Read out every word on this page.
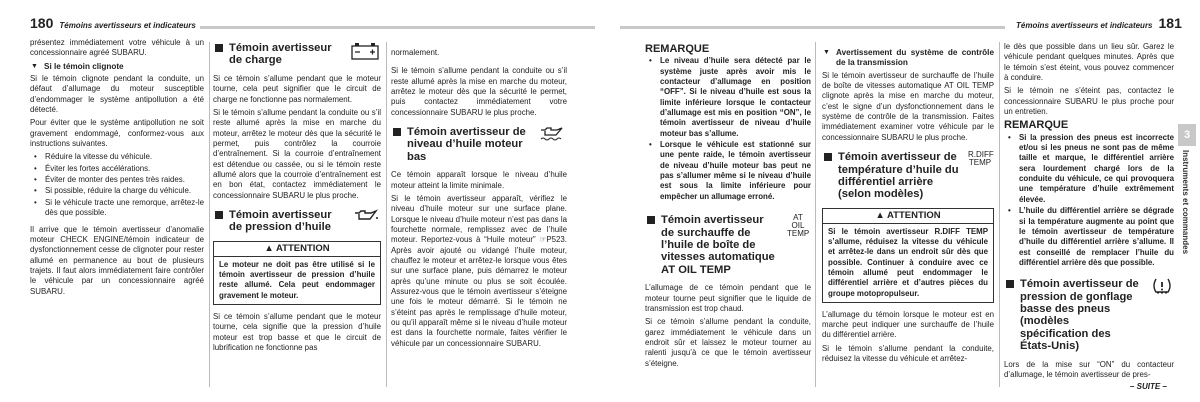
180 Témoins avertisseurs et indicateurs	Témoins avertisseurs et indicateurs 181

présentez immédiatement votre véhicule à un concessionnaire agréé SUBARU.

▼ Si le témoin clignote

Si le témoin clignote pendant la conduite, un défaut d’allumage du moteur susceptible d’endommager le système antipollution a été détecté.

Pour éviter que le système antipollution ne soit gravement endommagé, conformez-vous aux instructions suivantes.

• Réduire la vitesse du véhicule.
• Éviter les fortes accélérations.
• Éviter de monter des pentes très raides.
• Si possible, réduire la charge du véhicule.
• Si le véhicule tracte une remorque, arrêtez-le dès que possible.

Il arrive que le témoin avertisseur d’anomalie moteur CHECK ENGINE/témoin indicateur de dysfonctionnement cesse de clignoter pour rester allumé en permanence au bout de plusieurs trajets. Il faut alors immédiatement faire contrôler le véhicule par un concessionnaire agréé SUBARU.

Témoin avertisseur de charge

Si ce témoin s’allume pendant que le moteur tourne, cela peut signifier que le circuit de charge ne fonctionne pas normalement.

Si le témoin s’allume pendant la conduite ou s’il reste allumé après la mise en marche du moteur, arrêtez le moteur dès que la sécurité le permet, puis contrôlez la courroie d’entraînement. Si la courroie d’entraînement est détendue ou cassée, ou si le témoin reste allumé alors que la courroie d’entraînement est en bon état, contactez immédiatement le concessionnaire SUBARU le plus proche.

Témoin avertisseur de pression d’huile
▲ ATTENTION
Le moteur ne doit pas être utilisé si le témoin avertisseur de pression d’huile reste allumé. Cela peut endommager gravement le moteur.

Si ce témoin s’allume pendant que le moteur tourne, cela signifie que la pression d’huile moteur est trop basse et que le circuit de lubrification ne fonctionne pas

normalement.

Si le témoin s’allume pendant la conduite ou s’il reste allumé après la mise en marche du moteur, arrêtez le moteur dès que la sécurité le permet, puis contactez immédiatement votre concessionnaire SUBARU le plus proche.

Témoin avertisseur de niveau d’huile moteur bas

Ce témoin apparaît lorsque le niveau d’huile moteur atteint la limite minimale.

Si le témoin avertisseur apparaît, vérifiez le niveau d’huile moteur sur une surface plane. Lorsque le niveau d’huile moteur n’est pas dans la fourchette normale, remplissez avec de l’huile moteur. Reportez-vous à “Huile moteur” ☞P523. Après avoir ajouté ou vidangé l’huile moteur, chauffez le moteur et arrêtez-le lorsque vous êtes sur une surface plane, puis démarrez le moteur après qu’une minute ou plus se soit écoulée. Assurez-vous que le témoin avertisseur s’éteigne une fois le moteur démarré. Si le témoin ne s’éteint pas après le remplissage d’huile moteur, ou qu’il apparaît même si le niveau d’huile moteur est dans la fourchette normale, faites vérifier le véhicule par un concessionnaire SUBARU.

REMARQUE
• Le niveau d’huile sera détecté par le système juste après avoir mis le contacteur d’allumage en position “OFF”. Si le niveau d’huile est sous la limite inférieure lorsque le contacteur d’allumage est mis en position “ON”, le témoin avertisseur de niveau d’huile moteur bas s’allume.
• Lorsque le véhicule est stationné sur une pente raide, le témoin avertisseur de niveau d’huile moteur bas peut ne pas s’allumer même si le niveau d’huile est sous la limite inférieure pour empêcher un allumage erroné.
Témoin avertisseur de surchauffe de l’huile de boîte de vitesses automatique AT OIL TEMP
AT OIL TEMP

L’allumage de ce témoin pendant que le moteur tourne peut signifier que le liquide de transmission est trop chaud.

Si ce témoin s’allume pendant la conduite, garez immédiatement le véhicule dans un endroit sûr et laissez le moteur tourner au ralenti jusqu’à ce que le témoin avertisseur s’éteigne.

▼ Avertissement du système de contrôle de la transmission

Si le témoin avertisseur de surchauffe de l’huile de boîte de vitesses automatique AT OIL TEMP clignote après la mise en marche du moteur, c’est le signe d’un dysfonctionnement dans le système de contrôle de la transmission. Faites immédiatement examiner votre véhicule par le concessionnaire SUBARU le plus proche.

Témoin avertisseur de température d’huile du différentiel arrière (selon modèles)
R.DIFF TEMP
▲ ATTENTION
Si le témoin avertisseur R.DIFF TEMP s’allume, réduisez la vitesse du véhicule et arrêtez-le dans un endroit sûr dès que possible. Continuer à conduire avec ce témoin allumé peut endommager le différentiel arrière et d’autres pièces du groupe motopropulseur.

L’allumage du témoin lorsque le moteur est en marche peut indiquer une surchauffe de l’huile du différentiel arrière.

Si le témoin s’allume pendant la conduite, réduisez la vitesse du véhicule et arrêtez-

le dès que possible dans un lieu sûr. Garez le véhicule pendant quelques minutes. Après que le témoin s’est éteint, vous pouvez commencer à conduire.

Si le témoin ne s’éteint pas, contactez le concessionnaire SUBARU le plus proche pour un entretien.

REMARQUE
• Si la pression des pneus est incorrecte et/ou si les pneus ne sont pas de même taille et marque, le différentiel arrière sera lourdement chargé lors de la conduite du véhicule, ce qui provoquera une température d’huile extrêmement élevée.
• L’huile du différentiel arrière se dégrade si la température augmente au point que le témoin avertisseur de température d’huile du différentiel arrière s’allume. Il est conseillé de remplacer l’huile du différentiel arrière dès que possible.
Témoin avertisseur de pression de gonflage basse des pneus (modèles spécification des États-Unis)

Lors de la mise sur “ON” du contacteur d’allumage, le témoin avertisseur de pres-

3
Instruments et commandes
– SUITE –
